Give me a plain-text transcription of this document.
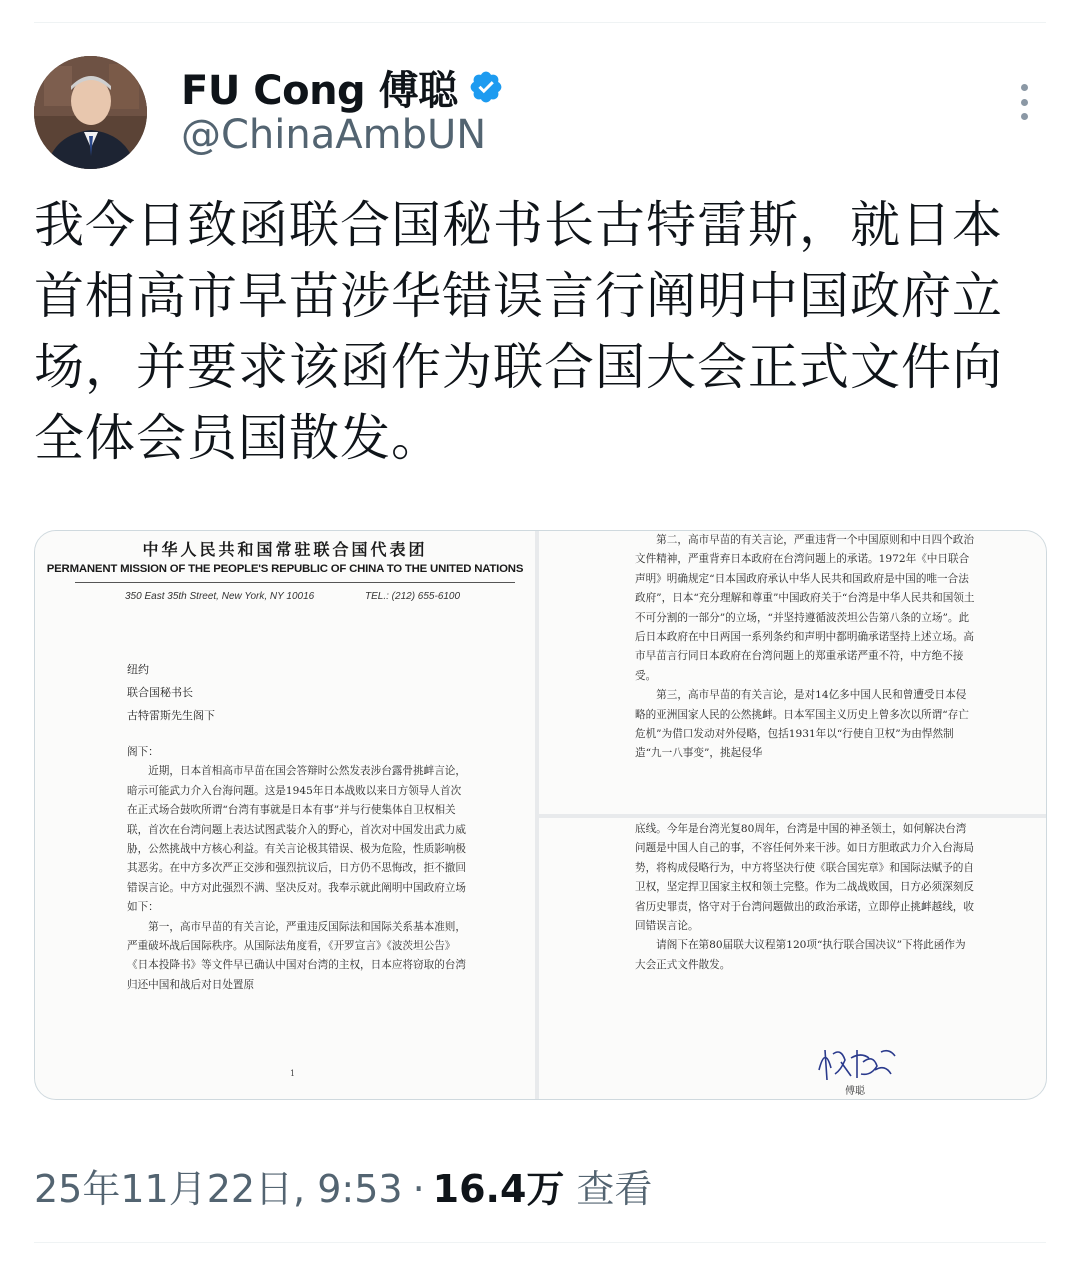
FU Cong 傅聪
@ChinaAmbUN
我今日致函联合国秘书长古特雷斯，就日本首相高市早苗涉华错误言行阐明中国政府立场，并要求该函作为联合国大会正式文件向全体会员国散发。
中华人民共和国常驻联合国代表团
PERMANENT MISSION OF THE PEOPLE'S REPUBLIC OF CHINA TO THE UNITED NATIONS
350 East 35th Street, New York, NY 10016	TEL.: (212) 655-6100
纽约
联合国秘书长
古特雷斯先生阁下

阁下：

　　近期，日本首相高市早苗在国会答辩时公然发表涉台露骨挑衅言论，暗示可能武力介入台海问题。这是1945年日本战败以来日方领导人首次在正式场合鼓吹所谓“台湾有事就是日本有事”并与行使集体自卫权相关联，首次在台湾问题上表达试图武装介入的野心，首次对中国发出武力威胁，公然挑战中方核心利益。有关言论极其错误、极为危险，性质影响极其恶劣。在中方多次严正交涉和强烈抗议后，日方仍不思悔改，拒不撤回错误言论。中方对此强烈不满、坚决反对。我奉示就此阐明中国政府立场如下：

　　第一，高市早苗的有关言论，严重违反国际法和国际关系基本准则，严重破坏战后国际秩序。从国际法角度看，《开罗宣言》《波茨坦公告》《日本投降书》等文件早已确认中国对台湾的主权，日本应将窃取的台湾归还中国和战后对日处置原

1

　　第二，高市早苗的有关言论，严重违背一个中国原则和中日四个政治文件精神，严重背弃日本政府在台湾问题上的承诺。1972年《中日联合声明》明确规定“日本国政府承认中华人民共和国政府是中国的唯一合法政府”，日本“充分理解和尊重”中国政府关于“台湾是中华人民共和国领土不可分割的一部分”的立场，“并坚持遵循波茨坦公告第八条的立场”。此后日本政府在中日两国一系列条约和声明中都明确承诺坚持上述立场。高市早苗言行同日本政府在台湾问题上的郑重承诺严重不符，中方绝不接受。

　　第三，高市早苗的有关言论，是对14亿多中国人民和曾遭受日本侵略的亚洲国家人民的公然挑衅。日本军国主义历史上曾多次以所谓“存亡危机”为借口发动对外侵略，包括1931年以“行使自卫权”为由悍然制造“九一八事变”，挑起侵华

底线。今年是台湾光复80周年，台湾是中国的神圣领土，如何解决台湾问题是中国人自己的事，不容任何外来干涉。如日方胆敢武力介入台海局势，将构成侵略行为，中方将坚决行使《联合国宪章》和国际法赋予的自卫权，坚定捍卫国家主权和领土完整。作为二战战败国，日方必须深刻反省历史罪责，恪守对于台湾问题做出的政治承诺，立即停止挑衅越线，收回错误言论。

　　请阁下在第80届联大议程第120项“执行联合国决议”下将此函作为大会正式文件散发。

傅聪
25年11月22日, 9:53 · 16.4万 查看
